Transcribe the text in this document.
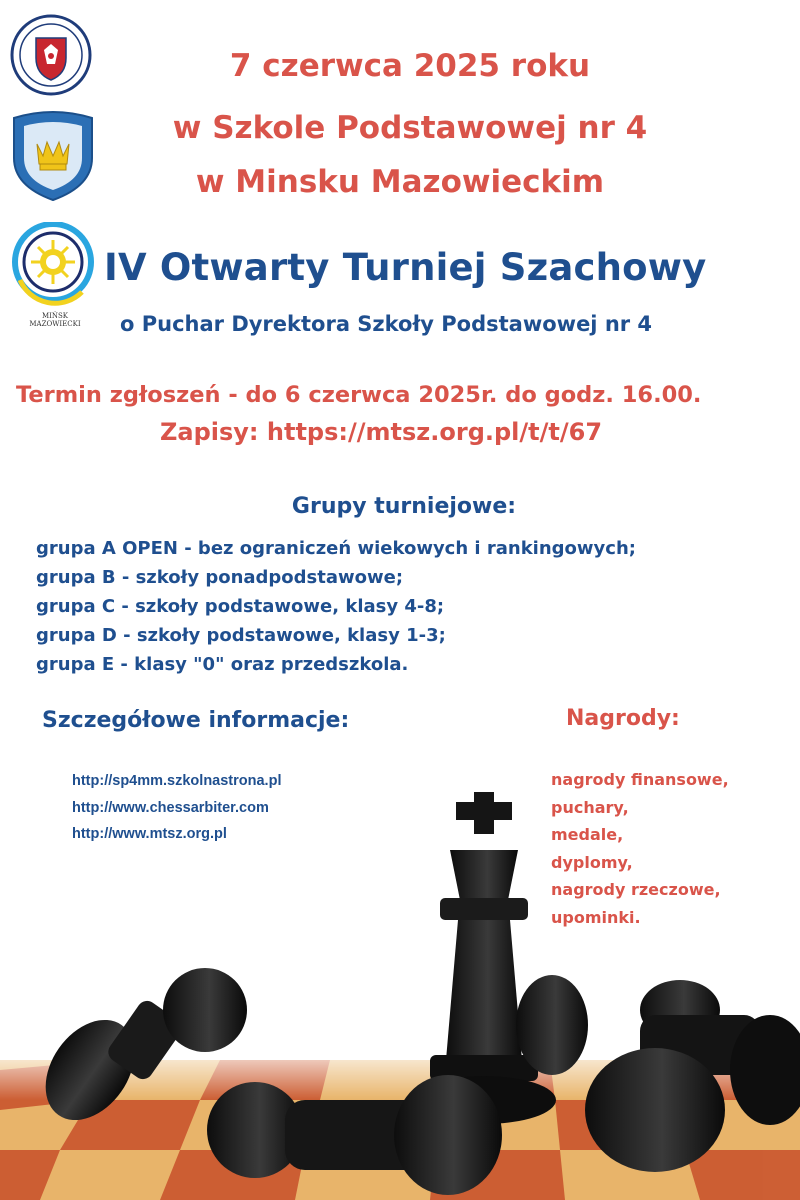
MIŃSK MAZOWIECKI
7 czerwca 2025 roku
w Szkole Podstawowej nr 4
w Minsku Mazowieckim
IV Otwarty Turniej Szachowy
o Puchar Dyrektora Szkoły Podstawowej nr 4
Termin zgłoszeń - do 6 czerwca 2025r. do godz. 16.00.
Zapisy: https://mtsz.org.pl/t/t/67
Grupy turniejowe:
grupa A OPEN - bez ograniczeń wiekowych i rankingowych;
grupa B - szkoły ponadpodstawowe;
grupa C - szkoły podstawowe, klasy 4-8;
grupa D - szkoły podstawowe, klasy 1-3;
grupa E - klasy "0" oraz przedszkola.
Szczegółowe informacje:
http://sp4mm.szkolnastrona.pl
http://www.chessarbiter.com
http://www.mtsz.org.pl
Nagrody:
nagrody finansowe,
puchary,
medale,
dyplomy,
nagrody rzeczowe,
upominki.
